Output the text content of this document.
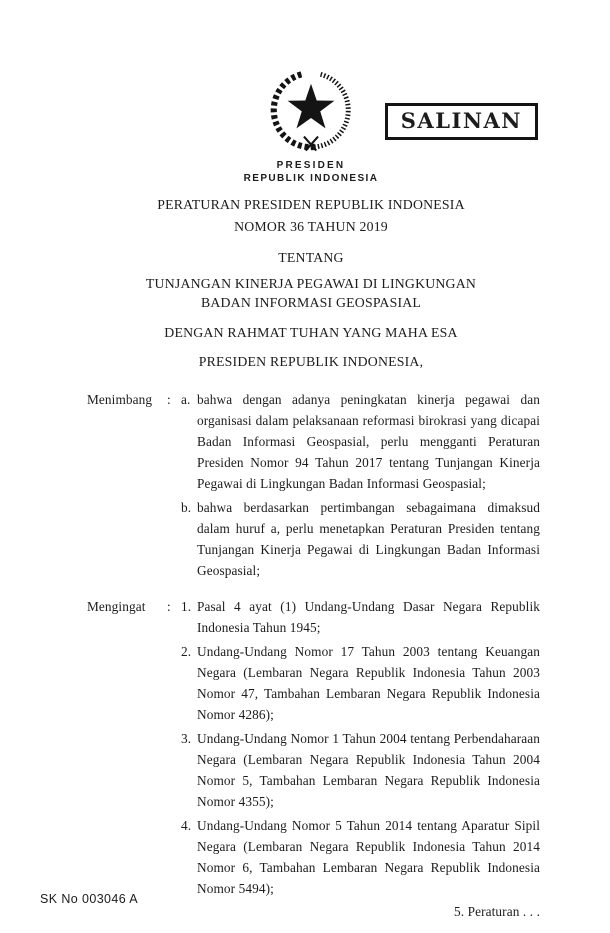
SALINAN
PRESIDEN
REPUBLIK INDONESIA
PERATURAN PRESIDEN REPUBLIK INDONESIA
NOMOR 36 TAHUN 2019
TENTANG
TUNJANGAN KINERJA PEGAWAI DI LINGKUNGAN
BADAN INFORMASI GEOSPASIAL
DENGAN RAHMAT TUHAN YANG MAHA ESA
PRESIDEN REPUBLIK INDONESIA,
Menimbang	: a. bahwa dengan adanya peningkatan kinerja pegawai dan organisasi dalam pelaksanaan reformasi birokrasi yang dicapai Badan Informasi Geospasial, perlu mengganti Peraturan Presiden Nomor 94 Tahun 2017 tentang Tunjangan Kinerja Pegawai di Lingkungan Badan Informasi Geospasial;
b. bahwa berdasarkan pertimbangan sebagaimana dimaksud dalam huruf a, perlu menetapkan Peraturan Presiden tentang Tunjangan Kinerja Pegawai di Lingkungan Badan Informasi Geospasial;
Mengingat	: 1. Pasal 4 ayat (1) Undang-Undang Dasar Negara Republik Indonesia Tahun 1945;
2. Undang-Undang Nomor 17 Tahun 2003 tentang Keuangan Negara (Lembaran Negara Republik Indonesia Tahun 2003 Nomor 47, Tambahan Lembaran Negara Republik Indonesia Nomor 4286);
3. Undang-Undang Nomor 1 Tahun 2004 tentang Perbendaharaan Negara (Lembaran Negara Republik Indonesia Tahun 2004 Nomor 5, Tambahan Lembaran Negara Republik Indonesia Nomor 4355);
4. Undang-Undang Nomor 5 Tahun 2014 tentang Aparatur Sipil Negara (Lembaran Negara Republik Indonesia Tahun 2014 Nomor 6, Tambahan Lembaran Negara Republik Indonesia Nomor 5494);
5. Peraturan . . .
SK No 003046 A
